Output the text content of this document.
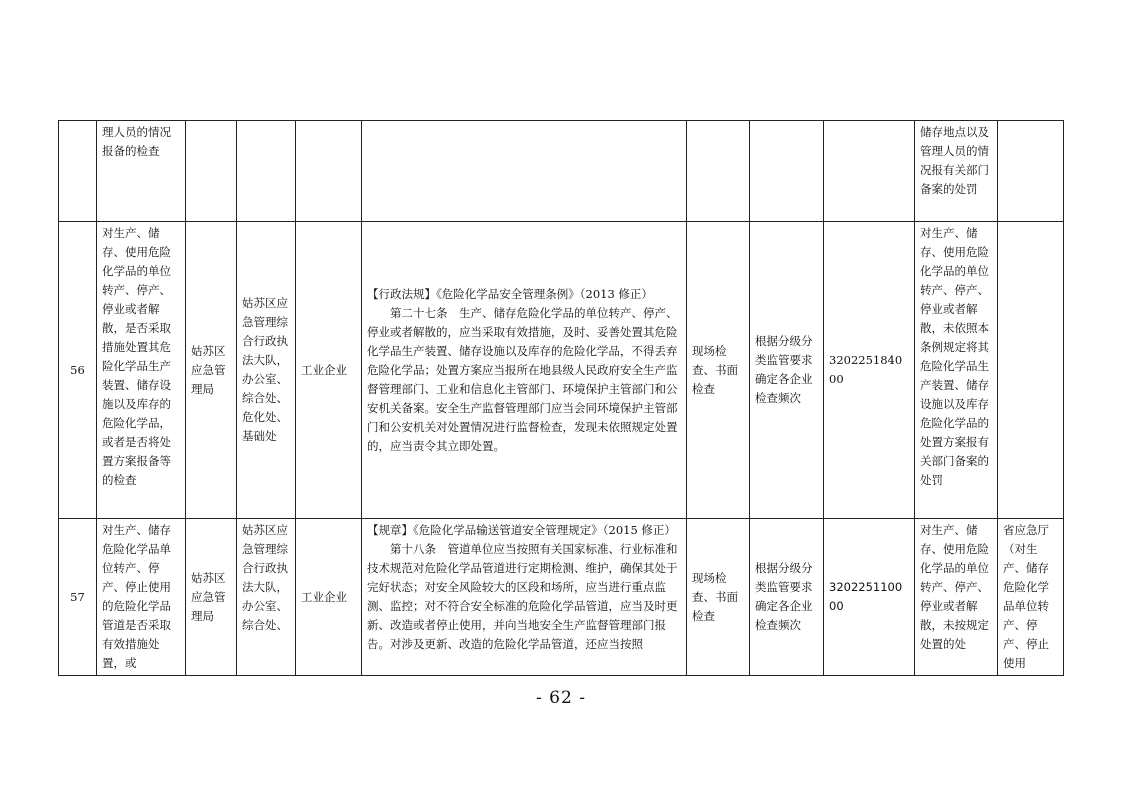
	理人员的情况报备的检查								储存地点以及管理人员的情况报有关部门备案的处罚	
56	对生产、储存、使用危险化学品的单位转产、停产、停业或者解散，是否采取措施处置其危险化学品生产装置、储存设施以及库存的危险化学品，或者是否将处置方案报备等的检查	姑苏区应急管理局	姑苏区应急管理综合行政执法大队，办公室、综合处、危化处、基础处	工业企业	【行政法规】《危险化学品安全管理条例》（2013 修正）
第二十七条　生产、储存危险化学品的单位转产、停产、停业或者解散的，应当采取有效措施，及时、妥善处置其危险化学品生产装置、储存设施以及库存的危险化学品，不得丢弃危险化学品；处置方案应当报所在地县级人民政府安全生产监督管理部门、工业和信息化主管部门、环境保护主管部门和公安机关备案。安全生产监督管理部门应当会同环境保护主管部门和公安机关对处置情况进行监督检查，发现未依照规定处置的，应当责令其立即处置。	现场检查、书面检查	根据分级分类监管要求确定各企业检查频次	320225184000	对生产、储存、使用危险化学品的单位转产、停产、停业或者解散，未依照本条例规定将其危险化学品生产装置、储存设施以及库存危险化学品的处置方案报有关部门备案的处罚	
57	对生产、储存危险化学品单位转产、停产、停止使用的危险化学品管道是否采取有效措施处置，或	姑苏区应急管理局	姑苏区应急管理综合行政执法大队，办公室、综合处、	工业企业	【规章】《危险化学品输送管道安全管理规定》（2015 修正）
第十八条　管道单位应当按照有关国家标准、行业标准和技术规范对危险化学品管道进行定期检测、维护，确保其处于完好状态；对安全风险较大的区段和场所，应当进行重点监测、监控；对不符合安全标准的危险化学品管道，应当及时更新、改造或者停止使用，并向当地安全生产监督管理部门报告。对涉及更新、改造的危险化学品管道，还应当按照	现场检查、书面检查	根据分级分类监管要求确定各企业检查频次	320225110000	对生产、储存、使用危险化学品的单位转产、停产、停业或者解散，未按规定处置的处	省应急厅（对生产、储存危险化学品单位转产、停产、停止使用
- 62 -
